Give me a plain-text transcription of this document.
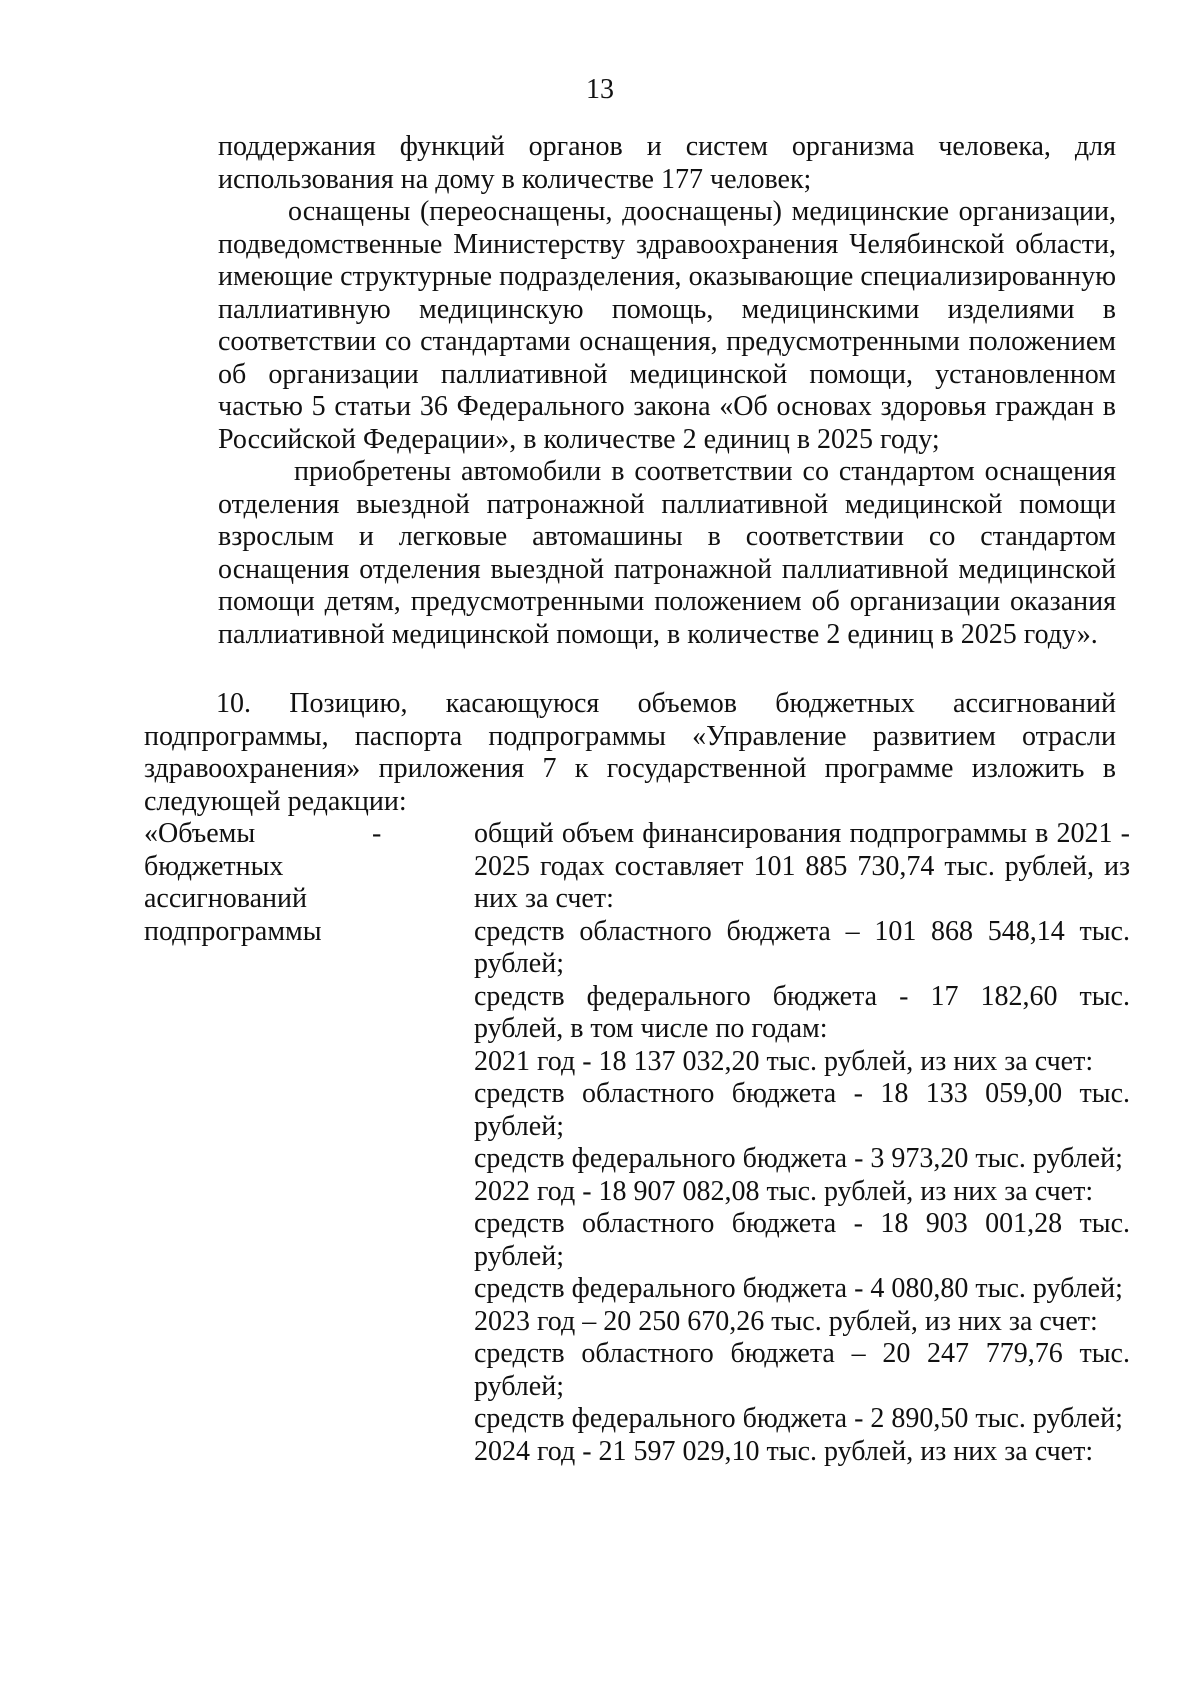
13

поддержания функций органов и систем организма человека, для использования на дому в количестве 177 человек;

оснащены (переоснащены, дооснащены) медицинские организации, подведомственные Министерству здравоохранения Челябинской области, имеющие структурные подразделения, оказывающие специализированную паллиативную медицинскую помощь, медицинскими изделиями в соответствии со стандартами оснащения, предусмотренными положением об организации паллиативной медицинской помощи, установленном частью 5 статьи 36 Федерального закона «Об основах здоровья граждан в Российской Федерации», в количестве 2 единиц в 2025 году;

приобретены автомобили в соответствии со стандартом оснащения отделения выездной патронажной паллиативной медицинской помощи взрослым и легковые автомашины в соответствии со стандартом оснащения отделения выездной патронажной паллиативной медицинской помощи детям, предусмотренными положением об организации оказания паллиативной медицинской помощи, в количестве 2 единиц в 2025 году».

10. Позицию, касающуюся объемов бюджетных ассигнований подпрограммы, паспорта подпрограммы «Управление развитием отрасли здравоохранения» приложения 7 к государственной программе изложить в следующей редакции:

«Объемы
бюджетных
ассигнований
подпрограммы
-	общий объем финансирования подпрограммы в 2021 - 2025 годах составляет 101 885 730,74 тыс. рублей, из них за счет:

средств областного бюджета – 101 868 548,14 тыс. рублей;

средств федерального бюджета - 17 182,60 тыс. рублей, в том числе по годам:

2021 год - 18 137 032,20 тыс. рублей, из них за счет:

средств областного бюджета - 18 133 059,00 тыс. рублей;

средств федерального бюджета - 3 973,20 тыс. рублей;

2022 год - 18 907 082,08 тыс. рублей, из них за счет:

средств областного бюджета - 18 903 001,28 тыс. рублей;

средств федерального бюджета - 4 080,80 тыс. рублей;

2023 год – 20 250 670,26 тыс. рублей, из них за счет:

средств областного бюджета – 20 247 779,76 тыс. рублей;

средств федерального бюджета - 2 890,50 тыс. рублей;

2024 год - 21 597 029,10 тыс. рублей, из них за счет:
